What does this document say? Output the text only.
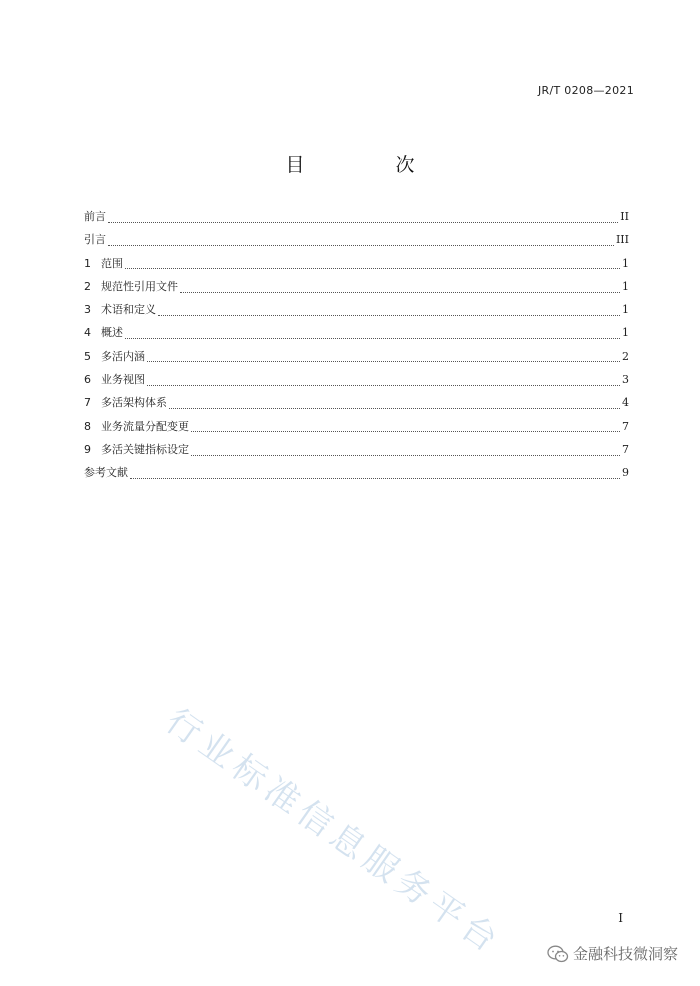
JR/T 0208—2021
目　次
前言	II
引言	III
1 范围	1
2 规范性引用文件	1
3 术语和定义	1
4 概述	1
5 多活内涵	2
6 业务视图	3
7 多活架构体系	4
8 业务流量分配变更	7
9 多活关键指标设定	7
参考文献	9
行业标准信息服务平台	I
金融科技微洞察
